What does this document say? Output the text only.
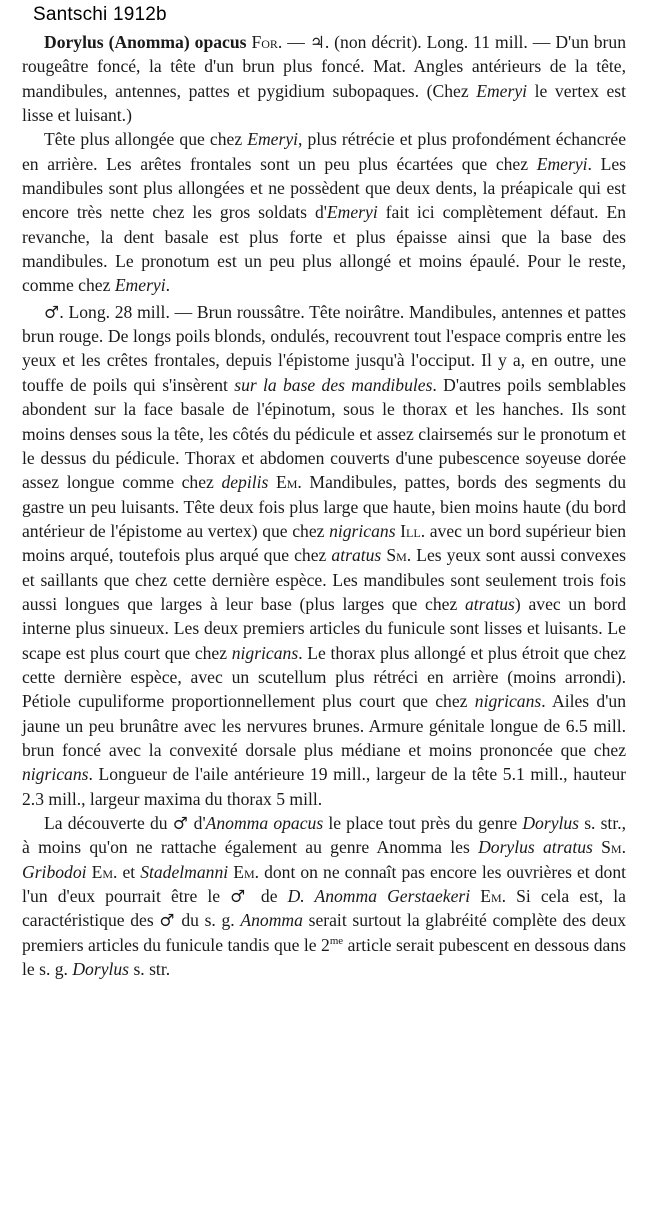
Santschi 1912b

Dorylus (Anomma) opacus For. — ♃. (non décrit). Long. 11 mill. — D'un brun rougeâtre foncé, la tête d'un brun plus foncé. Mat. Angles antérieurs de la tête, mandibules, antennes, pattes et pygidium subopaques. (Chez Emeryi le vertex est lisse et luisant.)

Tête plus allongée que chez Emeryi, plus rétrécie et plus profondément échancrée en arrière. Les arêtes frontales sont un peu plus écartées que chez Emeryi. Les mandibules sont plus allongées et ne possèdent que deux dents, la préapicale qui est encore très nette chez les gros soldats d'Emeryi fait ici complètement défaut. En revanche, la dent basale est plus forte et plus épaisse ainsi que la base des mandibules. Le pronotum est un peu plus allongé et moins épaulé. Pour le reste, comme chez Emeryi.

♂. Long. 28 mill. — Brun roussâtre. Tête noirâtre. Mandibules, antennes et pattes brun rouge. De longs poils blonds, ondulés, recouvrent tout l'espace compris entre les yeux et les crêtes frontales, depuis l'épistome jusqu'à l'occiput. Il y a, en outre, une touffe de poils qui s'insèrent sur la base des mandibules. D'autres poils semblables abondent sur la face basale de l'épinotum, sous le thorax et les hanches. Ils sont moins denses sous la tête, les côtés du pédicule et assez clairsemés sur le pronotum et le dessus du pédicule. Thorax et abdomen couverts d'une pubescence soyeuse dorée assez longue comme chez depilis Em. Mandibules, pattes, bords des segments du gastre un peu luisants. Tête deux fois plus large que haute, bien moins haute (du bord antérieur de l'épistome au vertex) que chez nigricans Ill. avec un bord supérieur bien moins arqué, toutefois plus arqué que chez atratus Sm. Les yeux sont aussi convexes et saillants que chez cette dernière espèce. Les mandibules sont seulement trois fois aussi longues que larges à leur base (plus larges que chez atratus) avec un bord interne plus sinueux. Les deux premiers articles du funicule sont lisses et luisants. Le scape est plus court que chez nigricans. Le thorax plus allongé et plus étroit que chez cette dernière espèce, avec un scutellum plus rétréci en arrière (moins arrondi). Pétiole cupuliforme proportionnellement plus court que chez nigricans. Ailes d'un jaune un peu brunâtre avec les nervures brunes. Armure génitale longue de 6.5 mill. brun foncé avec la convexité dorsale plus médiane et moins prononcée que chez nigricans. Longueur de l'aile antérieure 19 mill., largeur de la tête 5.1 mill., hauteur 2.3 mill., largeur maxima du thorax 5 mill.

La découverte du ♂ d'Anomma opacus le place tout près du genre Dorylus s. str., à moins qu'on ne rattache également au genre Anomma les Dorylus atratus Sm. Gribodoi Em. et Stadelmanni Em. dont on ne connaît pas encore les ouvrières et dont l'un d'eux pourrait être le ♂ de D. Anomma Gerstaekeri Em. Si cela est, la caractéristique des ♂ du s. g. Anomma serait surtout la glabréité complète des deux premiers articles du funicule tandis que le $2^{me}$ article serait pubescent en dessous dans le s. g. Dorylus s. str.
